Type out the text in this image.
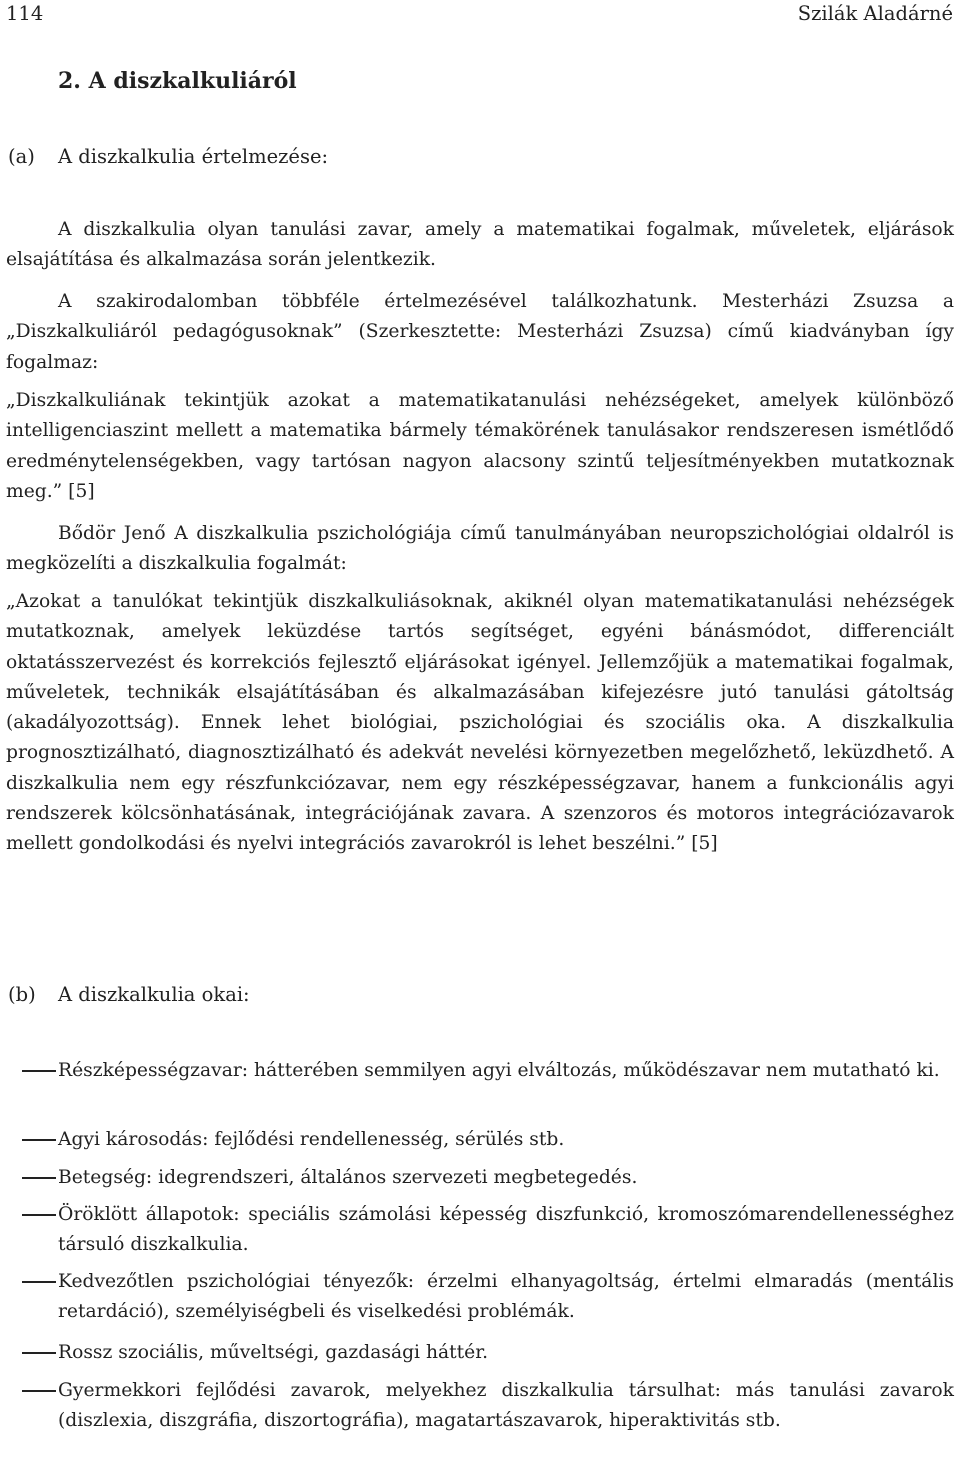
114	Szilák Aladárné
2. A diszkalkuliáról
(a)	A diszkalkulia értelmezése:

A diszkalkulia olyan tanulási zavar, amely a matematikai fogalmak, műveletek, eljárások elsajátítása és alkalmazása során jelentkezik.

A szakirodalomban többféle értelmezésével találkozhatunk. Mesterházi Zsuzsa a „Diszkalkuliáról pedagógusoknak” (Szerkesztette: Mesterházi Zsuzsa) című kiadványban így fogalmaz:

„Diszkalkuliának tekintjük azokat a matematikatanulási nehézségeket, amelyek különböző intelligenciaszint mellett a matematika bármely témakörének tanulásakor rendszeresen ismétlődő eredménytelenségekben, vagy tartósan nagyon alacsony szintű teljesítményekben mutatkoznak meg.” [5]

Bődör Jenő A diszkalkulia pszichológiája című tanulmányában neuropszichológiai oldalról is megközelíti a diszkalkulia fogalmát:

„Azokat a tanulókat tekintjük diszkalkuliásoknak, akiknél olyan matematikatanulási nehézségek mutatkoznak, amelyek leküzdése tartós segítséget, egyéni bánásmódot, differenciált oktatásszervezést és korrekciós fejlesztő eljárásokat igényel. Jellemzőjük a matematikai fogalmak, műveletek, technikák elsajátításában és alkalmazásában kifejezésre jutó tanulási gátoltság (akadályozottság). Ennek lehet biológiai, pszichológiai és szociális oka. A diszkalkulia prognosztizálható, diagnosztizálható és adekvát nevelési környezetben megelőzhető, leküzdhető. A diszkalkulia nem egy részfunkciózavar, nem egy részképességzavar, hanem a funkcionális agyi rendszerek kölcsönhatásának, integrációjának zavara. A szenzoros és motoros integrációzavarok mellett gondolkodási és nyelvi integrációs zavarokról is lehet beszélni.” [5]

(b)	A diszkalkulia okai:
Részképességzavar: hátterében semmilyen agyi elváltozás, működészavar nem mutatható ki.
Agyi károsodás: fejlődési rendellenesség, sérülés stb.
Betegség: idegrendszeri, általános szervezeti megbetegedés.
Öröklött állapotok: speciális számolási képesség diszfunkció, kromoszómarendellenességhez társuló diszkalkulia.
Kedvezőtlen pszichológiai tényezők: érzelmi elhanyagoltság, értelmi elmaradás (mentális retardáció), személyiségbeli és viselkedési problémák.
Rossz szociális, műveltségi, gazdasági háttér.
Gyermekkori fejlődési zavarok, melyekhez diszkalkulia társulhat: más tanulási zavarok (diszlexia, diszgráfia, diszortográfia), magatartászavarok, hiperaktivitás stb.
